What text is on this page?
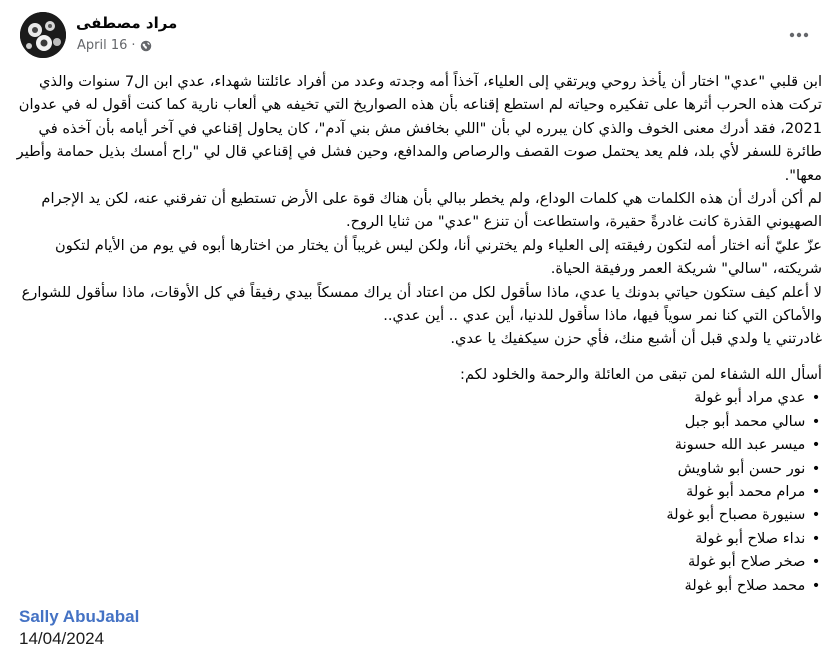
مراد مصطفى
April 16 ·

ابن قلبي "عدي" اختار أن يأخذ روحي ويرتقي إلى العلياء، آخذاً أمه وجدته وعدد من أفراد عائلتنا شهداء، عدي ابن ال7 سنوات والذي تركت هذه الحرب أثرها على تفكيره وحياته لم استطع إقناعه بأن هذه الصواريخ التي تخيفه هي ألعاب نارية كما كنت أقول له في عدوان 2021، فقد أدرك معنى الخوف والذي كان يبرره لي بأن "اللي بخافش مش بني آدم"، كان يحاول إقناعي في آخر أيامه بأن آخذه في طائرة للسفر لأي بلد، فلم يعد يحتمل صوت القصف والرصاص والمدافع، وحين فشل في إقناعي قال لي "راح أمسك بذيل حمامة وأطير معها".

لم أكن أدرك أن هذه الكلمات هي كلمات الوداع، ولم يخطر ببالي بأن هناك قوة على الأرض تستطيع أن تفرقني عنه، لكن يد الإجرام الصهيوني القذرة كانت غادرةً حقيرة، واستطاعت أن تنزع "عدي" من ثنايا الروح.

عزّ عليّ أنه اختار أمه لتكون رفيقته إلى العلياء ولم يخترني أنا، ولكن ليس غريباً أن يختار من اختارها أبوه في يوم من الأيام لتكون شريكته، "سالي" شريكة العمر ورفيقة الحياة.

لا أعلم كيف ستكون حياتي بدونك يا عدي، ماذا سأقول لكل من اعتاد أن يراك ممسكاً بيدي رفيقاً في كل الأوقات، ماذا سأقول للشوارع والأماكن التي كنا نمر سوياً فيها، ماذا سأقول للدنيا، أين عدي .. أين عدي..

غادرتني يا ولدي قبل أن أشبع منك، فأي حزن سيكفيك يا عدي.

أسأل الله الشفاء لمن تبقى من العائلة والرحمة والخلود لكم:

• عدي مراد أبو غولة
• سالي محمد أبو جبل
• ميسر عبد الله حسونة
• نور حسن أبو شاويش
• مرام محمد أبو غولة
• سنيورة مصباح أبو غولة
• نداء صلاح أبو غولة
• صخر صلاح أبو غولة
• محمد صلاح أبو غولة
Sally AbuJabal
14/04/2024
